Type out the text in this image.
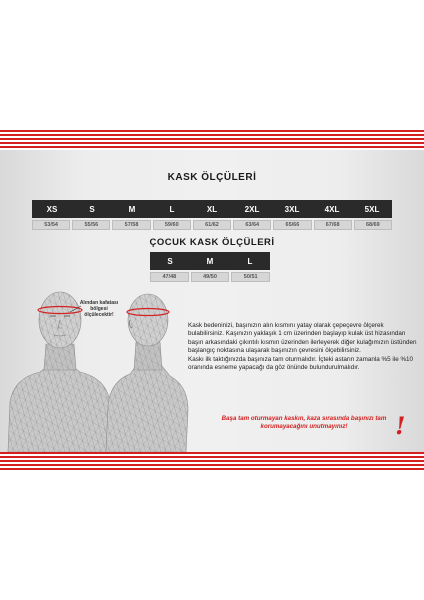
KASK ÖLÇÜLERİ
XS	S	M	L	XL	2XL	3XL	4XL	5XL
53/54	55/56	57/58	59/60	61/62	63/64	65/66	67/68	68/69
ÇOCUK KASK ÖLÇÜLERİ
S	M	L
47/48	49/50	50/51
Alından kafatası
bölgesi
ölçülecektir!

Kask bedeninizi, başınızın alın kısmını yatay olarak çepeçevre ölçerek bulabilirsiniz. Kaşınızın yaklaşık 1 cm üzerinden başlayıp kulak üst hizasından başın arkasındaki çıkıntılı kısmın üzerinden ilerleyerek diğer kulağımızın üstünden başlangıç noktasına ulaşarak başınızın çevresini ölçebilirsiniz.

Kaskı ilk taktığınızda başınıza tam oturmalıdır. İçteki astarın zamanla %5 ile %10 oranında esneme yapacağı da göz önünde bulundurulmalıdır.

Başa tam oturmayan kaskın, kaza sırasında başınızı tam
korumayacağını unutmayınız!	!
